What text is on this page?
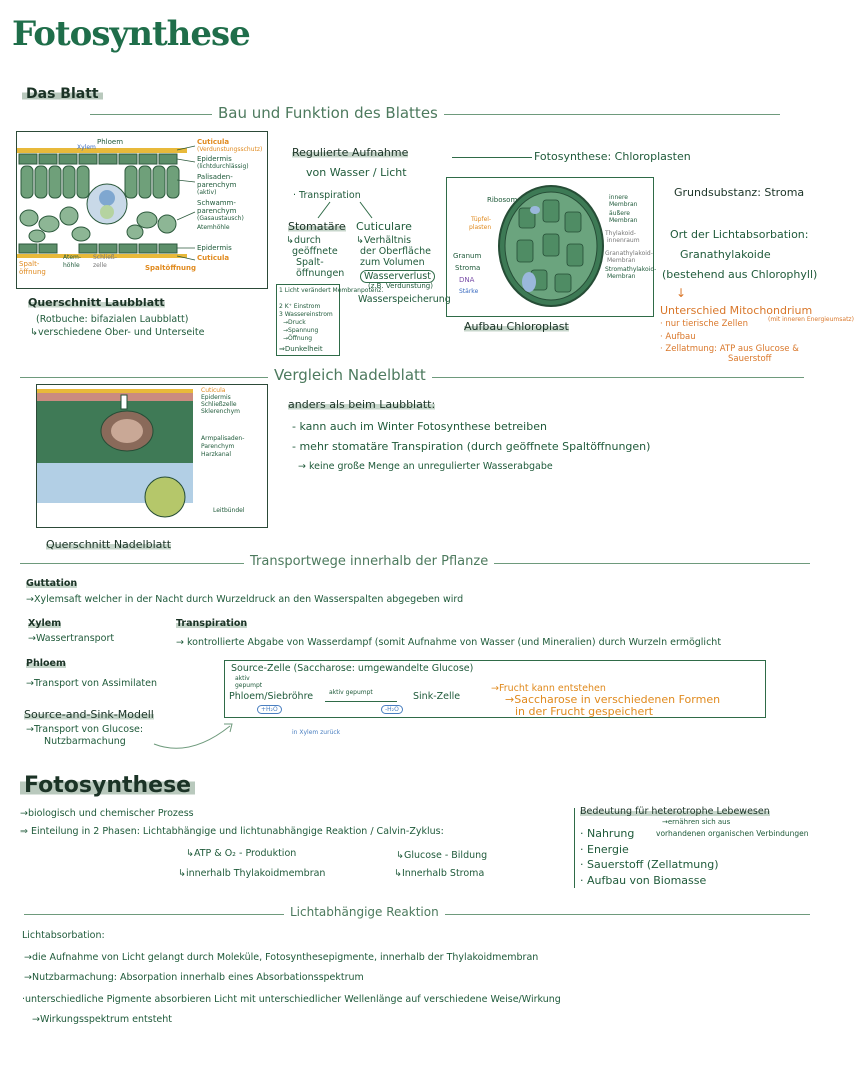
Fotosynthese
Das Blatt
Bau und Funktion des Blattes
Xylem
Phloem	Cuticula
(Verdunstungsschutz)
Epidermis
(lichtdurchlässig)
Palisaden-
parenchym
(aktiv)
Schwamm-
parenchym
(Gasaustausch)
Atemhöhle
Epidermis
Cuticula
Spalt-
öffnung
Atem-
höhle
Schließ-
zelle	Spaltöffnung
Querschnitt Laubblatt
(Rotbuche: bifazialen Laubblatt)
↳verschiedene Ober- und Unterseite
Regulierte Aufnahme
von Wasser / Licht
· Transpiration
Stomatäre Cuticulare
↳durch
geöffnete
Spalt-
öffnungen
↳Verhältnis
der Oberfläche
zum Volumen
Wasserverlust
(z.B. Verdunstung)
Wasserspeicherung
1 Licht verändert Membranpotenz.
2 K⁺ Einstrom
3 Wassereinstrom
→Druck
→Spannung
→Öffnung
⇒Dunkelheit
Fotosynthese: Chloroplasten
Ribosom
Tüpfel-
plasten
Granum
Stroma
DNA
Stärke
innere
Membran
äußere
Membran
Thylakoid-
innenraum
Granathylakoid-
Membran
Stromathylakoid-
Membran
Aufbau Chloroplast
Grundsubstanz: Stroma
Ort der Lichtabsorbation:
Granathylakoide
(bestehend aus Chlorophyll)
↓
Unterschied Mitochondrium
(mit inneren Energieumsatz)
· nur tierische Zellen
· Aufbau
· Zellatmung: ATP aus Glucose &
Sauerstoff
Vergleich Nadelblatt
Cuticula
Epidermis
Schließzelle
Sklerenchym
Armpalisaden-
Parenchym
Harzkanal
Leitbündel
Querschnitt Nadelblatt
anders als beim Laubblatt:
- kann auch im Winter Fotosynthese betreiben
- mehr stomatäre Transpiration (durch geöffnete Spaltöffnungen)
→ keine große Menge an unregulierter Wasserabgabe
Transportwege innerhalb der Pflanze
Guttation
→Xylemsaft welcher in der Nacht durch Wurzeldruck an den Wasserspalten abgegeben wird
Xylem
→Wassertransport
Transpiration
→ kontrollierte Abgabe von Wasserdampf (somit Aufnahme von Wasser (und Mineralien) durch Wurzeln ermöglicht
Phloem
→Transport von Assimilaten
Source-and-Sink-Modell
→Transport von Glucose:
Nutzbarmachung
Source-Zelle (Saccharose: umgewandelte Glucose)
aktiv
gepumpt
Phloem/Siebröhre	aktiv gepumpt	Sink-Zelle
→Frucht kann entstehen
→Saccharose in verschiedenen Formen
in der Frucht gespeichert
+H₂O	-H₂O
in Xylem zurück
Fotosynthese
→biologisch und chemischer Prozess
⇒ Einteilung in 2 Phasen: Lichtabhängige und lichtunabhängige Reaktion / Calvin-Zyklus:
↳ATP & O₂ - Produktion	↳Glucose - Bildung
↳innerhalb Thylakoidmembran	↳Innerhalb Stroma
Bedeutung für heterotrophe Lebewesen
→ernähren sich aus
· Nahrung	vorhandenen organischen Verbindungen
· Energie
· Sauerstoff (Zellatmung)
· Aufbau von Biomasse
Lichtabhängige Reaktion
Lichtabsorbation:
→die Aufnahme von Licht gelangt durch Moleküle, Fotosynthesepigmente, innerhalb der Thylakoidmembran
→Nutzbarmachung: Absorpation innerhalb eines Absorbationsspektrum
·unterschiedliche Pigmente absorbieren Licht mit unterschiedlicher Wellenlänge auf verschiedene Weise/Wirkung
→Wirkungsspektrum entsteht
